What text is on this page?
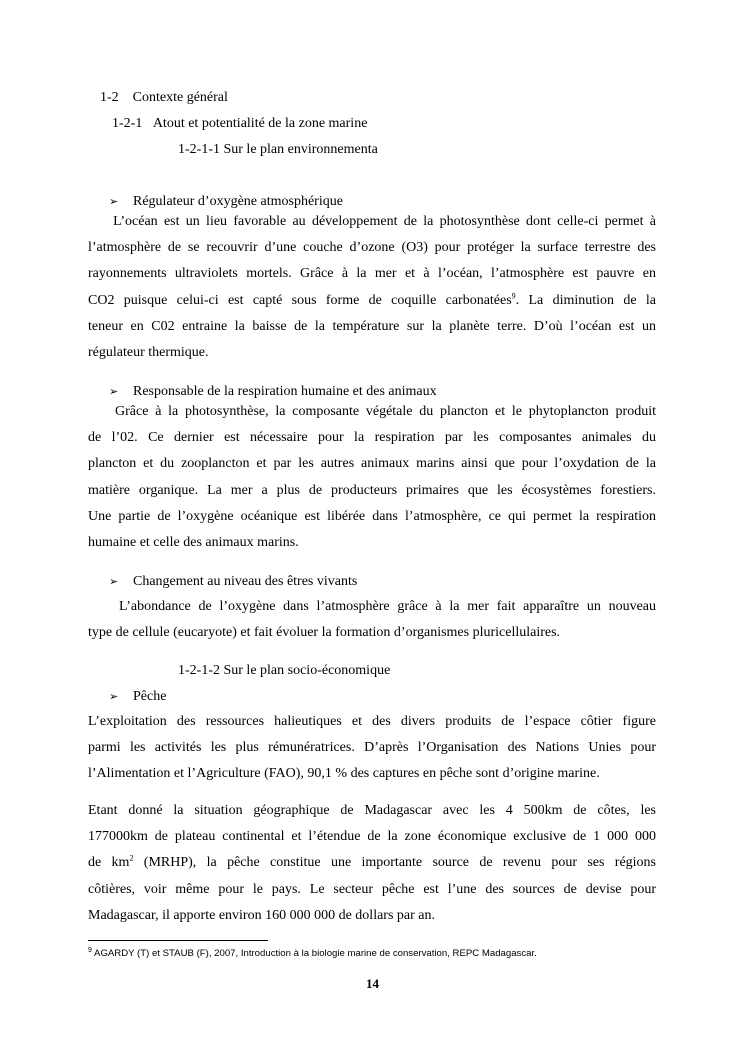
1-2    Contexte général
1-2-1   Atout et potentialité de la zone marine
1-2-1-1 Sur le plan environnementa
➢ Régulateur d’oxygène atmosphérique
L’océan est un lieu favorable au développement de la photosynthèse dont celle-ci permet à
l’atmosphère de se recouvrir d’une couche d’ozone (O3) pour protéger la surface terrestre des
rayonnements ultraviolets mortels. Grâce à la mer et à l’océan, l’atmosphère est pauvre en
CO2 puisque celui-ci est capté sous forme de coquille carbonatées$^9$. La diminution de la
teneur en C02 entraine la baisse de la température sur la planète terre. D’où l’océan est un
régulateur thermique.
➢ Responsable de la respiration humaine et des animaux
Grâce à la photosynthèse, la composante végétale du plancton et le phytoplancton produit
de l’02. Ce dernier est nécessaire pour la respiration par les composantes animales du
plancton et du zooplancton et par les autres animaux marins ainsi que pour l’oxydation de la
matière organique. La mer a plus de producteurs primaires que les écosystèmes forestiers.
Une partie de l’oxygène océanique est libérée dans l’atmosphère, ce qui permet la respiration
humaine et celle des animaux marins.
➢ Changement au niveau des êtres vivants
L’abondance de l’oxygène dans l’atmosphère grâce à la mer fait apparaître un nouveau
type de cellule (eucaryote) et fait évoluer la formation d’organismes pluricellulaires.
1-2-1-2 Sur le plan socio-économique
➢ Pêche
L’exploitation des ressources halieutiques et des divers produits de l’espace côtier figure
parmi les activités les plus rémunératrices. D’après l’Organisation des Nations Unies pour
l’Alimentation et l’Agriculture (FAO), 90,1 % des captures en pêche sont d’origine marine.
Etant donné la situation géographique de Madagascar avec les 4 500km de côtes, les
177000km de plateau continental et l’étendue de la zone économique exclusive de 1 000 000
de $km^2$ (MRHP), la pêche constitue une importante source de revenu pour ses régions
côtières, voir même pour le pays. Le secteur pêche est l’une des sources de devise pour
Madagascar, il apporte environ 160 000 000 de dollars par an.
$^9$ AGARDY (T) et STAUB (F), 2007, Introduction à la biologie marine de conservation, REPC Madagascar.
14
